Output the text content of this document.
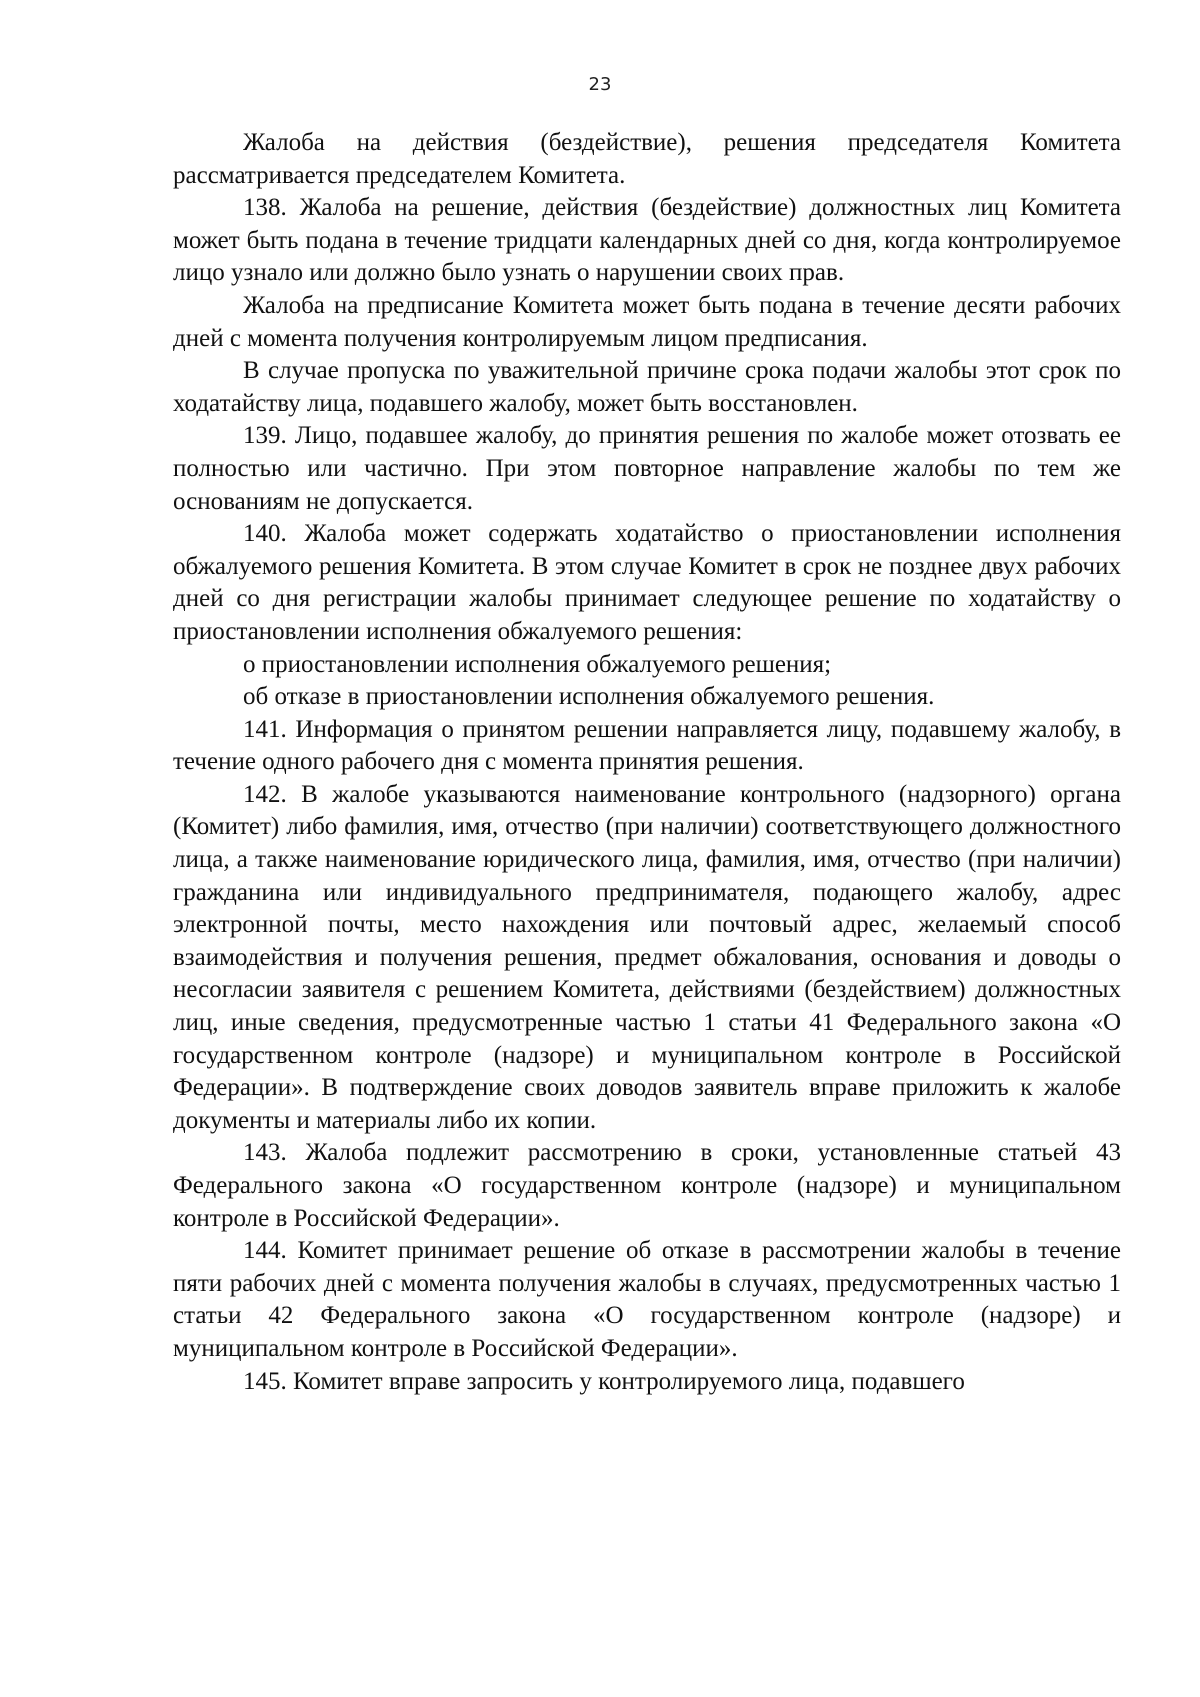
23

Жалоба на действия (бездействие), решения председателя Комитета рассматривается председателем Комитета.

138. Жалоба на решение, действия (бездействие) должностных лиц Комитета может быть подана в течение тридцати календарных дней со дня, когда контролируемое лицо узнало или должно было узнать о нарушении своих прав.

Жалоба на предписание Комитета может быть подана в течение десяти рабочих дней с момента получения контролируемым лицом предписания.

В случае пропуска по уважительной причине срока подачи жалобы этот срок по ходатайству лица, подавшего жалобу, может быть восстановлен.

139. Лицо, подавшее жалобу, до принятия решения по жалобе может отозвать ее полностью или частично. При этом повторное направление жалобы по тем же основаниям не допускается.

140. Жалоба может содержать ходатайство о приостановлении исполнения обжалуемого решения Комитета. В этом случае Комитет в срок не позднее двух рабочих дней со дня регистрации жалобы принимает следующее решение по ходатайству о приостановлении исполнения обжалуемого решения:

о приостановлении исполнения обжалуемого решения;

об отказе в приостановлении исполнения обжалуемого решения.

141. Информация о принятом решении направляется лицу, подавшему жалобу, в течение одного рабочего дня с момента принятия решения.

142. В жалобе указываются наименование контрольного (надзорного) органа (Комитет) либо фамилия, имя, отчество (при наличии) соответствующего должностного лица, а также наименование юридического лица, фамилия, имя, отчество (при наличии) гражданина или индивидуального предпринимателя, подающего жалобу, адрес электронной почты, место нахождения или почтовый адрес, желаемый способ взаимодействия и получения решения, предмет обжалования, основания и доводы о несогласии заявителя с решением Комитета, действиями (бездействием) должностных лиц, иные сведения, предусмотренные частью 1 статьи 41 Федерального закона «О государственном контроле (надзоре) и муниципальном контроле в Российской Федерации». В подтверждение своих доводов заявитель вправе приложить к жалобе документы и материалы либо их копии.

143. Жалоба подлежит рассмотрению в сроки, установленные статьей 43 Федерального закона «О государственном контроле (надзоре) и муниципальном контроле в Российской Федерации».

144. Комитет принимает решение об отказе в рассмотрении жалобы в течение пяти рабочих дней с момента получения жалобы в случаях, предусмотренных частью 1 статьи 42 Федерального закона «О государственном контроле (надзоре) и муниципальном контроле в Российской Федерации».

145. Комитет вправе запросить у контролируемого лица, подавшего
